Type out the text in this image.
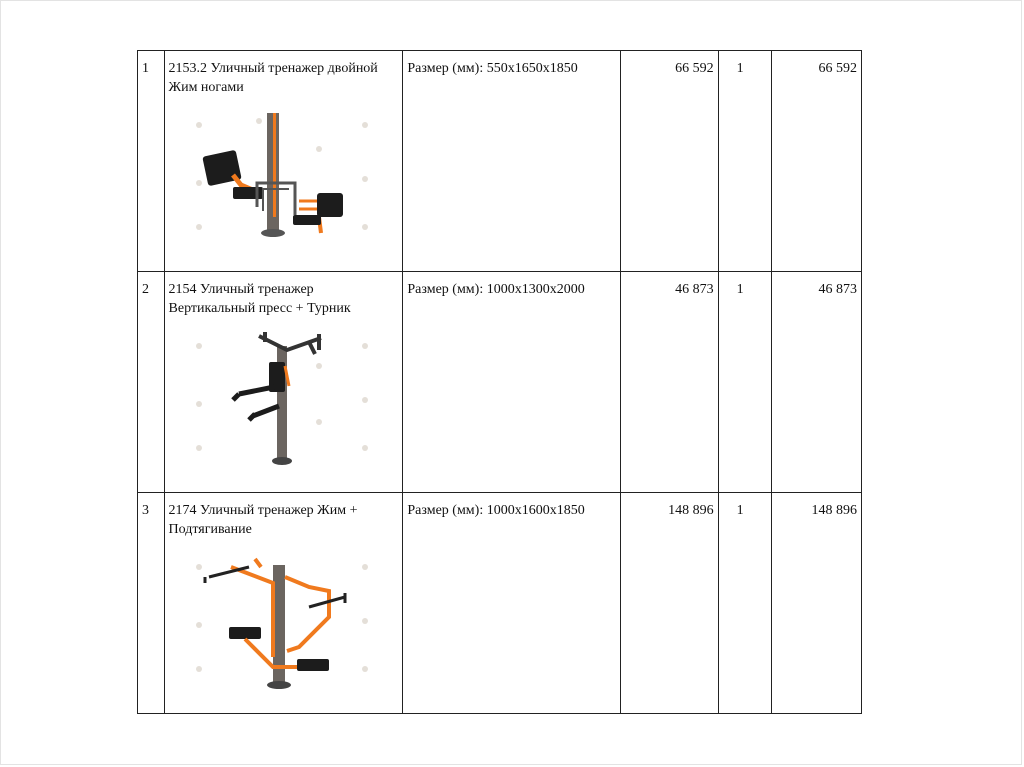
1	2153.2 Уличный тренажер двойной Жим ногами	Размер (мм): 550х1650х1850	66 592	1	66 592
2	2154 Уличный тренажер Вертикальный пресс + Турник	Размер (мм): 1000х1300х2000	46 873	1	46 873
3	2174 Уличный тренажер Жим + Подтягивание	Размер (мм): 1000х1600х1850	148 896	1	148 896
